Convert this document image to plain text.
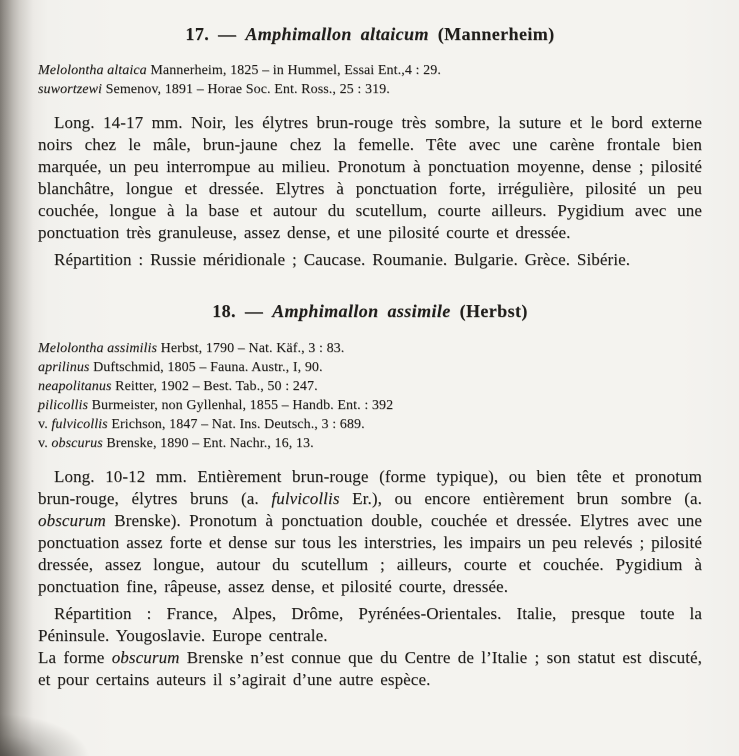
17. — Amphimallon altaicum (Mannerheim)

Melolontha altaica Mannerheim, 1825 – in Hummel, Essai Ent.,4 : 29.

suwortzewi Semenov, 1891 – Horae Soc. Ent. Ross., 25 : 319.

Long. 14-17 mm. Noir, les élytres brun-rouge très sombre, la suture et le bord externe noirs chez le mâle, brun-jaune chez la femelle. Tête avec une carène frontale bien marquée, un peu interrompue au milieu. Pronotum à ponctuation moyenne, dense ; pilosité blanchâtre, longue et dressée. Elytres à ponctuation forte, irrégulière, pilosité un peu couchée, longue à la base et autour du scutellum, courte ailleurs. Pygidium avec une ponctuation très granuleuse, assez dense, et une pilosité courte et dressée.

Répartition : Russie méridionale ; Caucase. Roumanie. Bulgarie. Grèce. Sibérie.

18. — Amphimallon assimile (Herbst)

Melolontha assimilis Herbst, 1790 – Nat. Käf., 3 : 83.

aprilinus Duftschmid, 1805 – Fauna. Austr., I, 90.

neapolitanus Reitter, 1902 – Best. Tab., 50 : 247.

pilicollis Burmeister, non Gyllenhal, 1855 – Handb. Ent. : 392

v. fulvicollis Erichson, 1847 – Nat. Ins. Deutsch., 3 : 689.

v. obscurus Brenske, 1890 – Ent. Nachr., 16, 13.

Long. 10-12 mm. Entièrement brun-rouge (forme typique), ou bien tête et pronotum brun-rouge, élytres bruns (a. fulvicollis Er.), ou encore entièrement brun sombre (a. obscurum Brenske). Pronotum à ponctuation double, couchée et dressée. Elytres avec une ponctuation assez forte et dense sur tous les interstries, les impairs un peu relevés ; pilosité dressée, assez longue, autour du scutellum ; ailleurs, courte et couchée. Pygidium à ponctuation fine, râpeuse, assez dense, et pilosité courte, dressée.

Répartition : France, Alpes, Drôme, Pyrénées-Orientales. Italie, presque toute la Péninsule. Yougoslavie. Europe centrale.

La forme obscurum Brenske n’est connue que du Centre de l’Italie ; son statut est discuté, et pour certains auteurs il s’agirait d’une autre espèce.
